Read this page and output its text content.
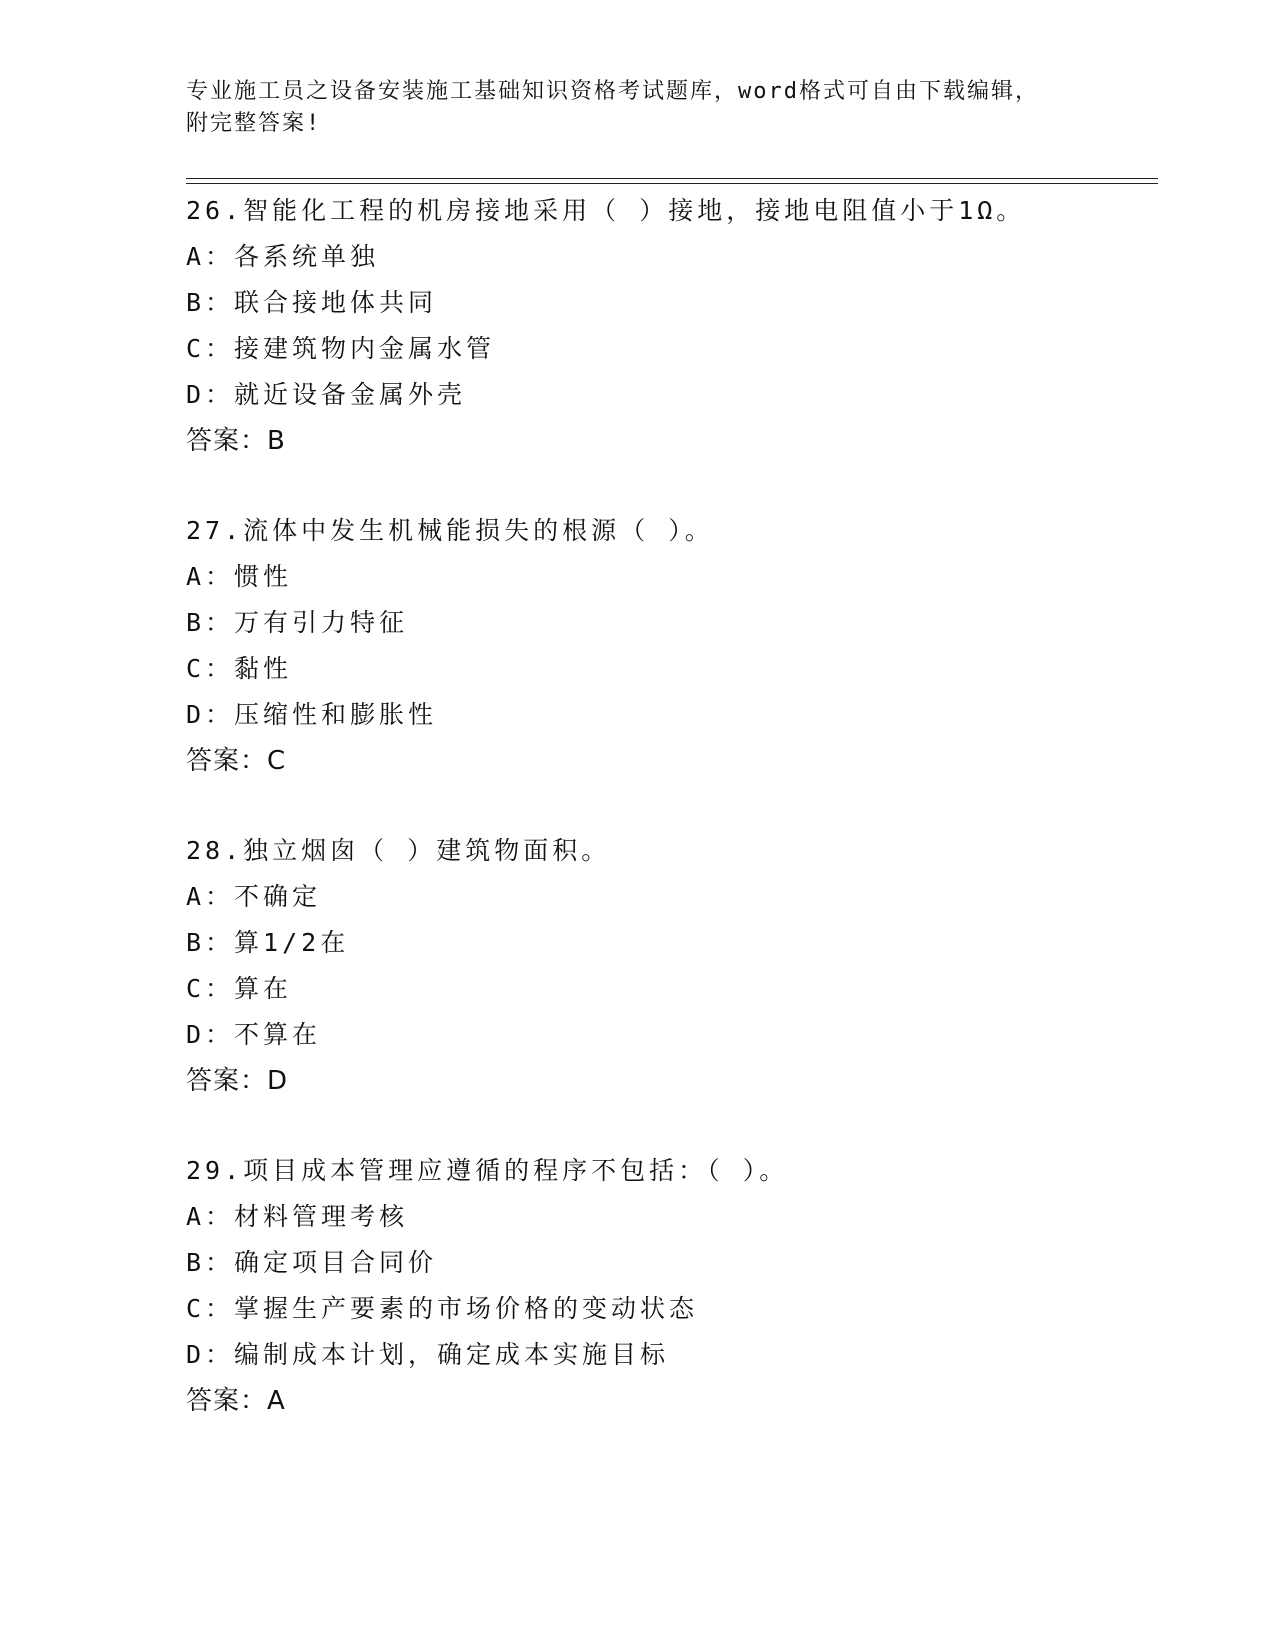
专业施工员之设备安装施工基础知识资格考试题库，word格式可自由下载编辑，
附完整答案!
26.智能化工程的机房接地采用（ ）接地，接地电阻值小于1Ω。
A：各系统单独
B：联合接地体共同
C：接建筑物内金属水管
D：就近设备金属外壳
答案：B
27.流体中发生机械能损失的根源（ ）。
A：惯性
B：万有引力特征
C：黏性
D：压缩性和膨胀性
答案：C
28.独立烟囱（ ）建筑物面积。
A：不确定
B：算1/2在
C：算在
D：不算在
答案：D
29.项目成本管理应遵循的程序不包括：（ ）。
A：材料管理考核
B：确定项目合同价
C：掌握生产要素的市场价格的变动状态
D：编制成本计划，确定成本实施目标
答案：A
